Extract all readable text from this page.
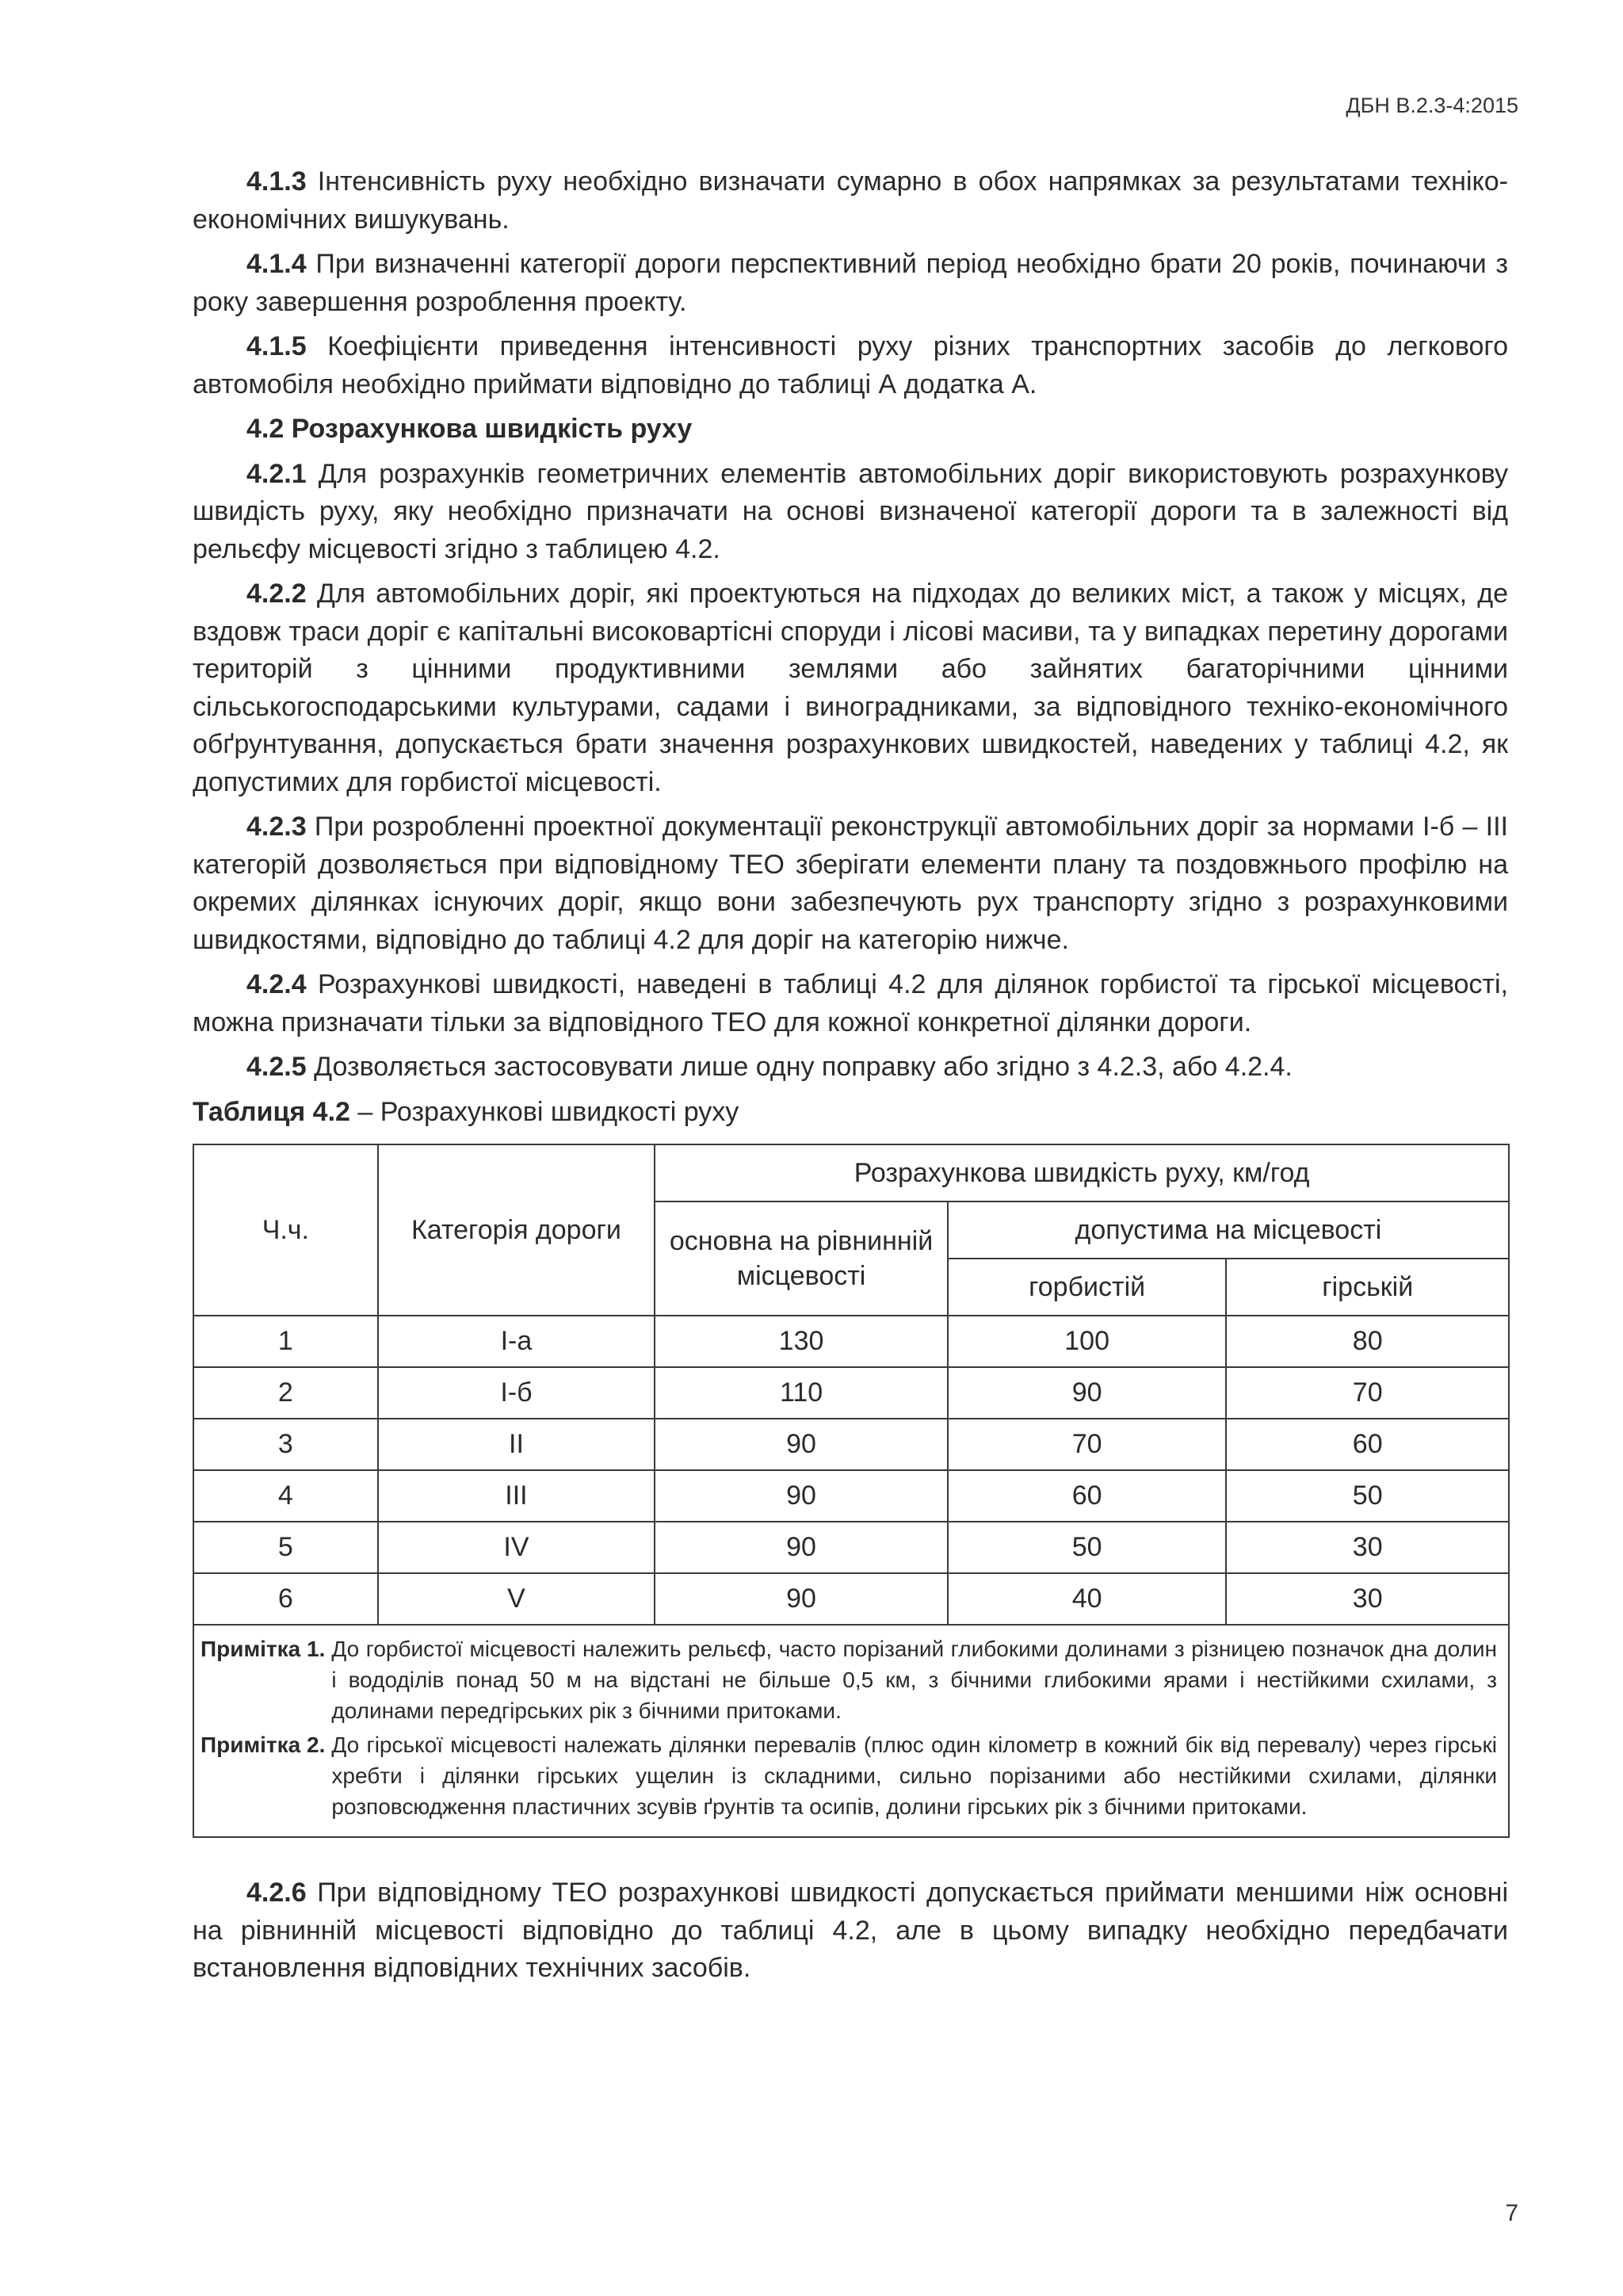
ДБН В.2.3-4:2015

4.1.3 Інтенсивність руху необхідно визначати сумарно в обох напрямках за результатами техніко-економічних вишукувань.

4.1.4 При визначенні категорії дороги перспективний період необхідно брати 20 років, починаючи з року завершення розроблення проекту.

4.1.5 Коефіцієнти приведення інтенсивності руху різних транспортних засобів до легкового автомобіля необхідно приймати відповідно до таблиці А додатка А.

4.2 Розрахункова швидкість руху

4.2.1 Для розрахунків геометричних елементів автомобільних доріг використовують розрахункову швидість руху, яку необхідно призначати на основі визначеної категорії дороги та в залежності від рельєфу місцевості згідно з таблицею 4.2.

4.2.2 Для автомобільних доріг, які проектуються на підходах до великих міст, а також у місцях, де вздовж траси доріг є капітальні високовартісні споруди і лісові масиви, та у випадках перетину дорогами територій з цінними продуктивними землями або зайнятих багаторічними цінними сільськогосподарськими культурами, садами і виноградниками, за відповідного техніко-економічного обґрунтування, допускається брати значення розрахункових швидкостей, наведених у таблиці 4.2, як допустимих для горбистої місцевості.

4.2.3 При розробленні проектної документації реконструкції автомобільних доріг за нормами І-б – ІІІ категорій дозволяється при відповідному ТЕО зберігати елементи плану та поздовжнього профілю на окремих ділянках існуючих доріг, якщо вони забезпечують рух транспорту згідно з розрахунковими швидкостями, відповідно до таблиці 4.2 для доріг на категорію нижче.

4.2.4 Розрахункові швидкості, наведені в таблиці 4.2 для ділянок горбистої та гірської місцевості, можна призначати тільки за відповідного ТЕО для кожної конкретної ділянки дороги.

4.2.5 Дозволяється застосовувати лише одну поправку або згідно з 4.2.3, або 4.2.4.

Таблиця 4.2 – Розрахункові швидкості руху
Ч.ч.	Категорія дороги	Розрахункова швидкість руху, км/год		
		основна на рівнинній місцевості	допустима на місцевості	
			горбистій	гірській
1	І-а	130	100	80
2	І-б	110	90	70
3	ІІ	90	70	60
4	ІІІ	90	60	50
5	IV	90	50	30
6	V	90	40	30

Примітка 1. До горбистої місцевості належить рельєф, часто порізаний глибокими долинами з різницею позначок дна долин і вододілів понад 50 м на відстані не більше 0,5 км, з бічними глибокими ярами і нестійкими схилами, з долинами передгірських рік з бічними притоками.
Примітка 2. До гірської місцевості належать ділянки перевалів (плюс один кілометр в кожний бік від перевалу) через гірські хребти і ділянки гірських ущелин із складними, сильно порізаними або нестійкими схилами, ділянки розповсюдження пластичних зсувів ґрунтів та осипів, долини гірських рік з бічними притоками.				

4.2.6 При відповідному ТЕО розрахункові швидкості допускається приймати меншими ніж основні на рівнинній місцевості відповідно до таблиці 4.2, але в цьому випадку необхідно передбачати встановлення відповідних технічних засобів.

7
